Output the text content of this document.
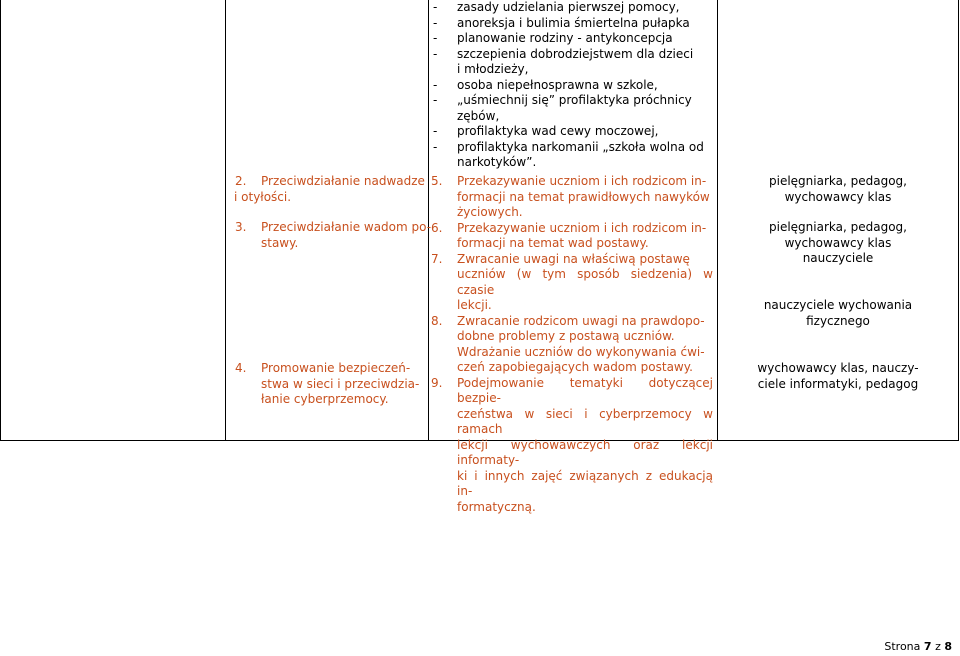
2. Przeciwdziałanie nadwadze
i otyłości.

3. Przeciwdziałanie wadom po-
stawy.

4. Promowanie bezpieczeń-
stwa w sieci i przeciwdzia-
łanie cyberprzemocy.

- zasady udzielania pierwszej pomocy,
- anoreksja i bulimia śmiertelna pułapka
- planowanie rodziny - antykoncepcja
- szczepienia dobrodziejstwem dla dzieci
i młodzieży,
- osoba niepełnosprawna w szkole,
- „uśmiechnij się” profilaktyka próchnicy
zębów,
- profilaktyka wad cewy moczowej,
- profilaktyka narkomanii „szkoła wolna od
narkotyków”.
5. Przekazywanie uczniom i ich rodzicom in-
formacji na temat prawidłowych nawyków
życiowych.
6. Przekazywanie uczniom i ich rodzicom in-
formacji na temat wad postawy.
7. Zwracanie uwagi na właściwą postawę
uczniów (w tym sposób siedzenia) w czasie
lekcji.
8. Zwracanie rodzicom uwagi na prawdopo-
dobne problemy z postawą uczniów.
Wdrażanie uczniów do wykonywania ćwi-
czeń zapobiegających wadom postawy.
9. Podejmowanie tematyki dotyczącej bezpie-
czeństwa w sieci i cyberprzemocy w ramach
lekcji wychowawczych oraz lekcji informaty-
ki i innych zajęć związanych z edukacją in-
formatyczną.
pielęgniarka, pedagog,
wychowawcy klas
pielęgniarka, pedagog,
wychowawcy klas
nauczyciele
nauczyciele wychowania
fizycznego
wychowawcy klas, nauczy-
ciele informatyki, pedagog
Strona 7 z 8
